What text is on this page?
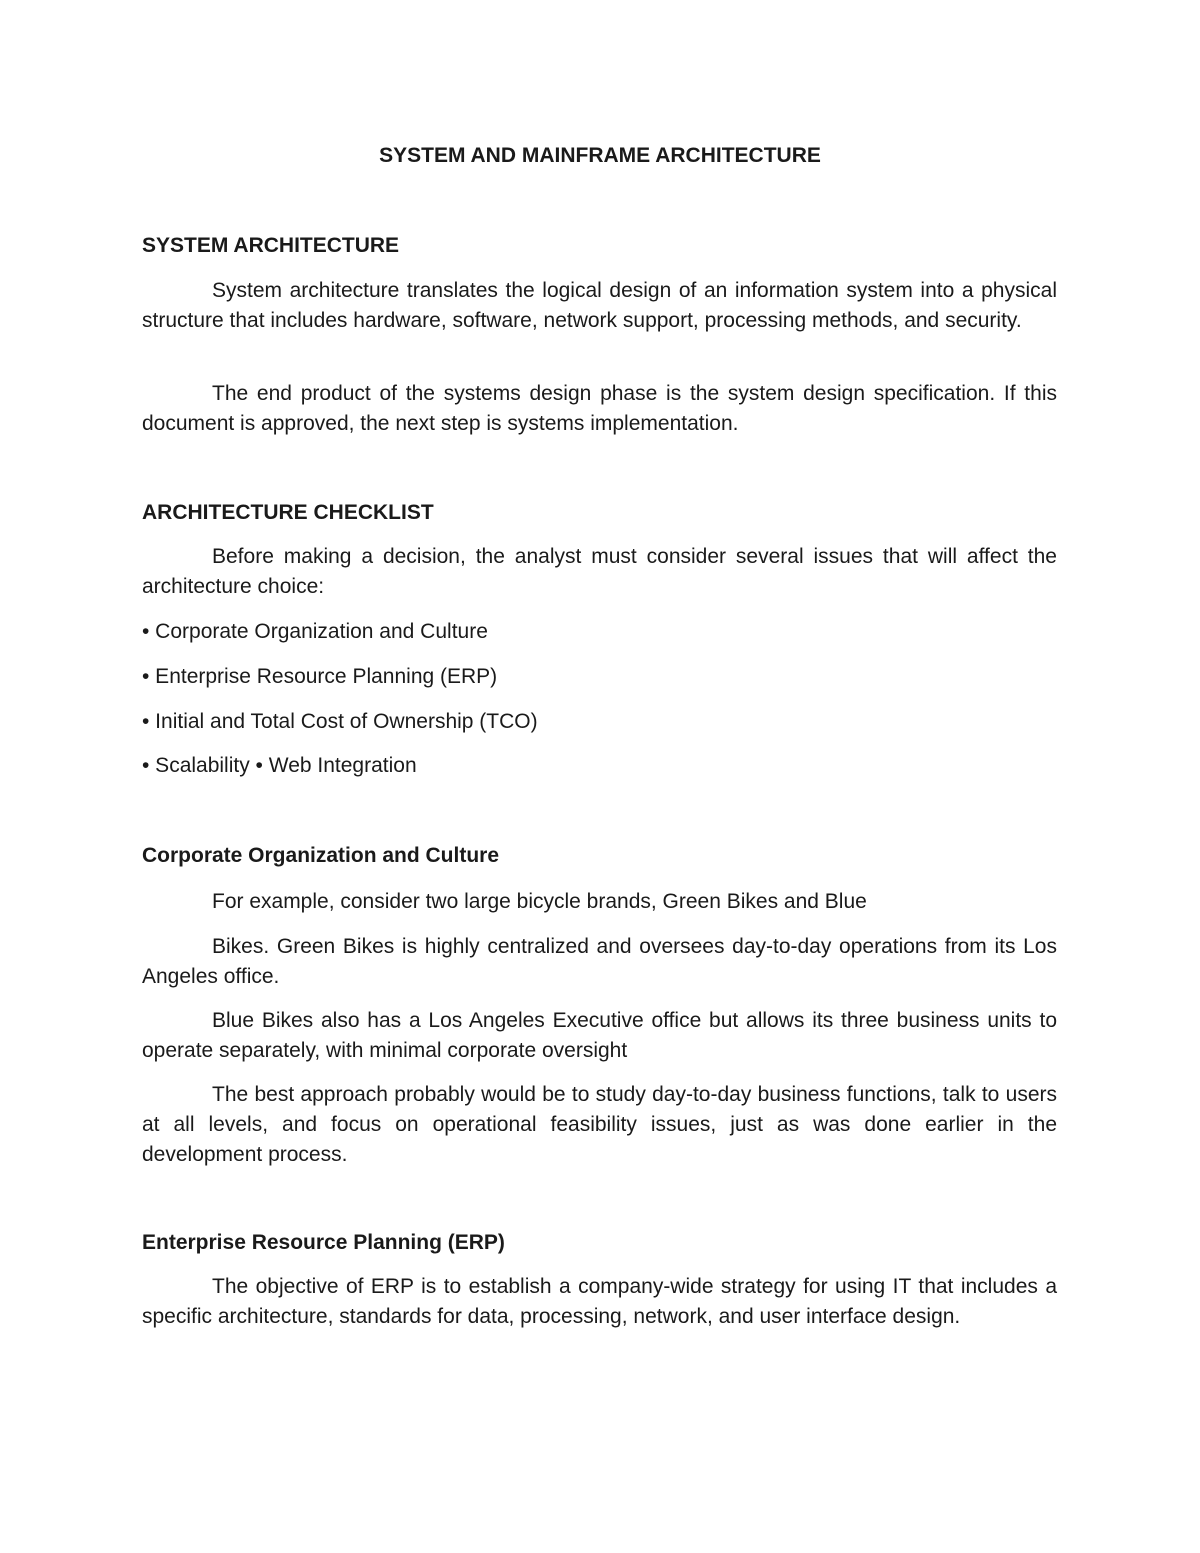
SYSTEM AND MAINFRAME ARCHITECTURE
SYSTEM ARCHITECTURE

System architecture translates the logical design of an information system into a physical structure that includes hardware, software, network support, processing methods, and security.

The end product of the systems design phase is the system design specification. If this document is approved, the next step is systems implementation.

ARCHITECTURE CHECKLIST

Before making a decision, the analyst must consider several issues that will affect the architecture choice:

• Corporate Organization and Culture

• Enterprise Resource Planning (ERP)

• Initial and Total Cost of Ownership (TCO)

• Scalability • Web Integration

Corporate Organization and Culture

For example, consider two large bicycle brands, Green Bikes and Blue

Bikes. Green Bikes is highly centralized and oversees day-to-day operations from its Los Angeles office.

Blue Bikes also has a Los Angeles Executive office but allows its three business units to operate separately, with minimal corporate oversight

The best approach probably would be to study day-to-day business functions, talk to users at all levels, and focus on operational feasibility issues, just as was done earlier in the development process.

Enterprise Resource Planning (ERP)

The objective of ERP is to establish a company-wide strategy for using IT that includes a specific architecture, standards for data, processing, network, and user interface design.
